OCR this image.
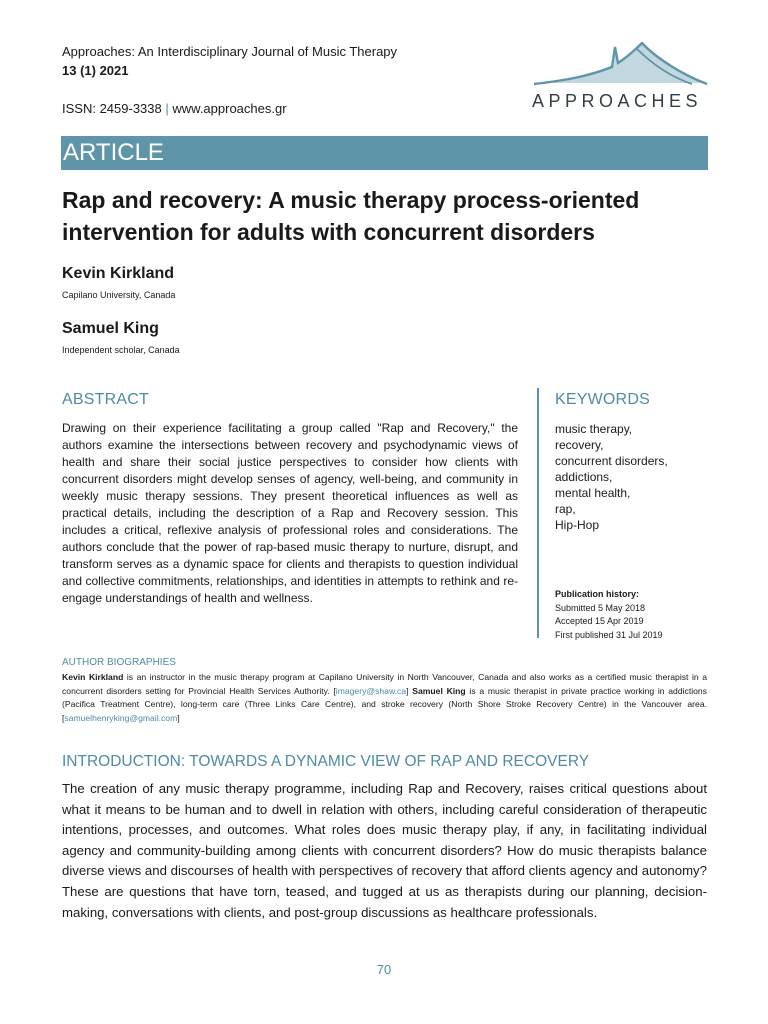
Approaches: An Interdisciplinary Journal of Music Therapy
13 (1) 2021
ISSN: 2459-3338 | www.approaches.gr	APPROACHES
ARTICLE
Rap and recovery: A music therapy process-oriented intervention for adults with concurrent disorders
Kevin Kirkland
Capilano University, Canada
Samuel King
Independent scholar, Canada
ABSTRACT
Drawing on their experience facilitating a group called "Rap and Recovery," the authors examine the intersections between recovery and psychodynamic views of health and share their social justice perspectives to consider how clients with concurrent disorders might develop senses of agency, well-being, and community in weekly music therapy sessions. They present theoretical influences as well as practical details, including the description of a Rap and Recovery session. This includes a critical, reflexive analysis of professional roles and considerations. The authors conclude that the power of rap-based music therapy to nurture, disrupt, and transform serves as a dynamic space for clients and therapists to question individual and collective commitments, relationships, and identities in attempts to rethink and re-engage understandings of health and wellness.
KEYWORDS
music therapy,
recovery,
concurrent disorders,
addictions,
mental health,
rap,
Hip-Hop
Publication history:
Submitted 5 May 2018
Accepted 15 Apr 2019
First published 31 Jul 2019
AUTHOR BIOGRAPHIES
Kevin Kirkland is an instructor in the music therapy program at Capilano University in North Vancouver, Canada and also works as a certified music therapist in a concurrent disorders setting for Provincial Health Services Authority. [imagery@shaw.ca] Samuel King is a music therapist in private practice working in addictions (Pacifica Treatment Centre), long-term care (Three Links Care Centre), and stroke recovery (North Shore Stroke Recovery Centre) in the Vancouver area. [samuelhenryking@gmail.com]
INTRODUCTION: TOWARDS A DYNAMIC VIEW OF RAP AND RECOVERY
The creation of any music therapy programme, including Rap and Recovery, raises critical questions about what it means to be human and to dwell in relation with others, including careful consideration of therapeutic intentions, processes, and outcomes. What roles does music therapy play, if any, in facilitating individual agency and community-building among clients with concurrent disorders? How do music therapists balance diverse views and discourses of health with perspectives of recovery that afford clients agency and autonomy? These are questions that have torn, teased, and tugged at us as therapists during our planning, decision-making, conversations with clients, and post-group discussions as healthcare professionals.
70
